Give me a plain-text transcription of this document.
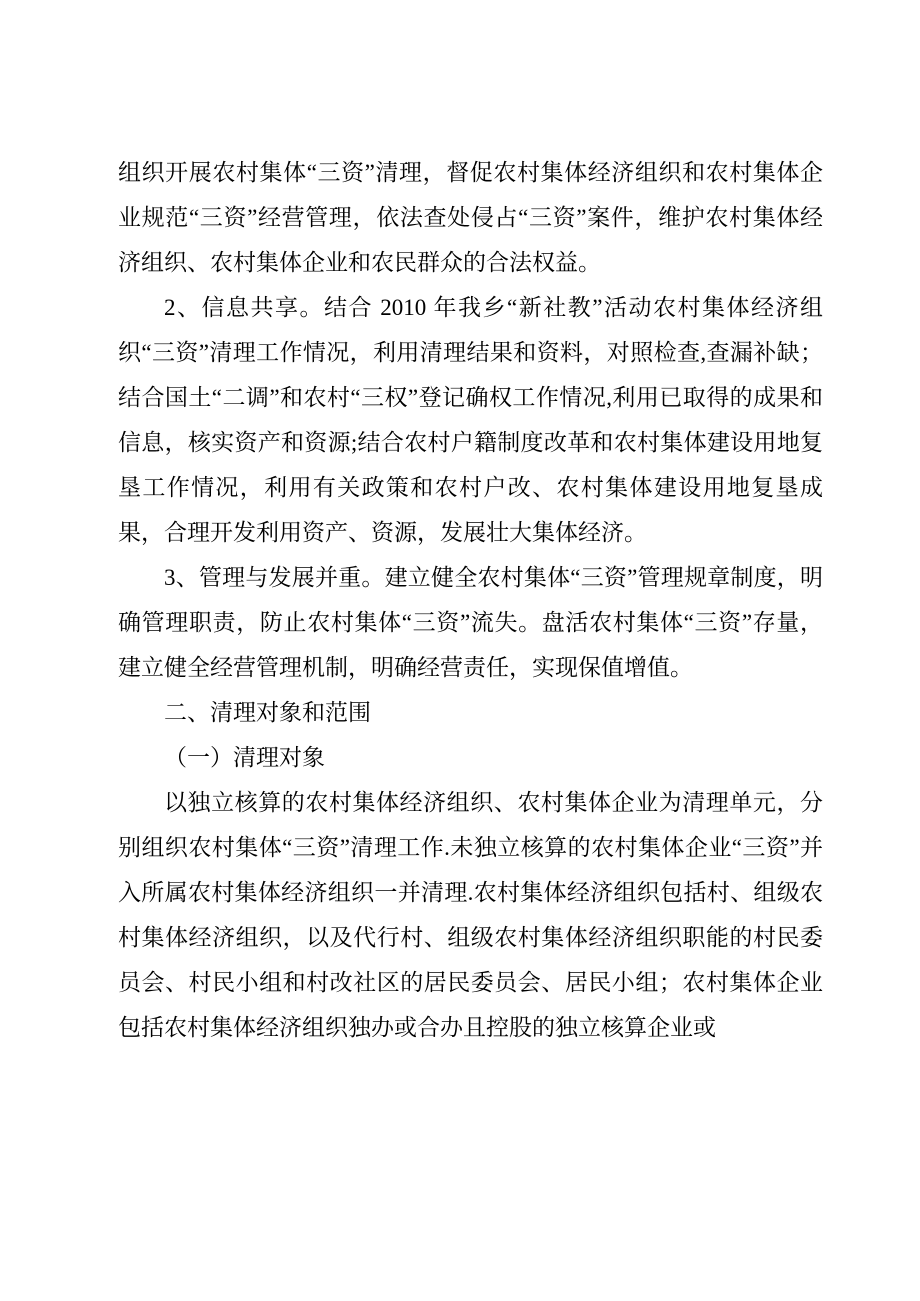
组织开展农村集体“三资”清理，督促农村集体经济组织和农村集体企业规范“三资”经营管理，依法查处侵占“三资”案件，维护农村集体经济组织、农村集体企业和农民群众的合法权益。

2、信息共享。结合 2010 年我乡“新社教”活动农村集体经济组织“三资”清理工作情况，利用清理结果和资料，对照检查,查漏补缺；结合国土“二调”和农村“三权”登记确权工作情况,利用已取得的成果和信息，核实资产和资源;结合农村户籍制度改革和农村集体建设用地复垦工作情况，利用有关政策和农村户改、农村集体建设用地复垦成果，合理开发利用资产、资源，发展壮大集体经济。

3、管理与发展并重。建立健全农村集体“三资”管理规章制度，明确管理职责，防止农村集体“三资”流失。盘活农村集体“三资”存量，建立健全经营管理机制，明确经营责任，实现保值增值。

二、清理对象和范围

（一）清理对象

以独立核算的农村集体经济组织、农村集体企业为清理单元，分别组织农村集体“三资”清理工作.未独立核算的农村集体企业“三资”并入所属农村集体经济组织一并清理.农村集体经济组织包括村、组级农村集体经济组织，以及代行村、组级农村集体经济组织职能的村民委员会、村民小组和村改社区的居民委员会、居民小组；农村集体企业包括农村集体经济组织独办或合办且控股的独立核算企业或
